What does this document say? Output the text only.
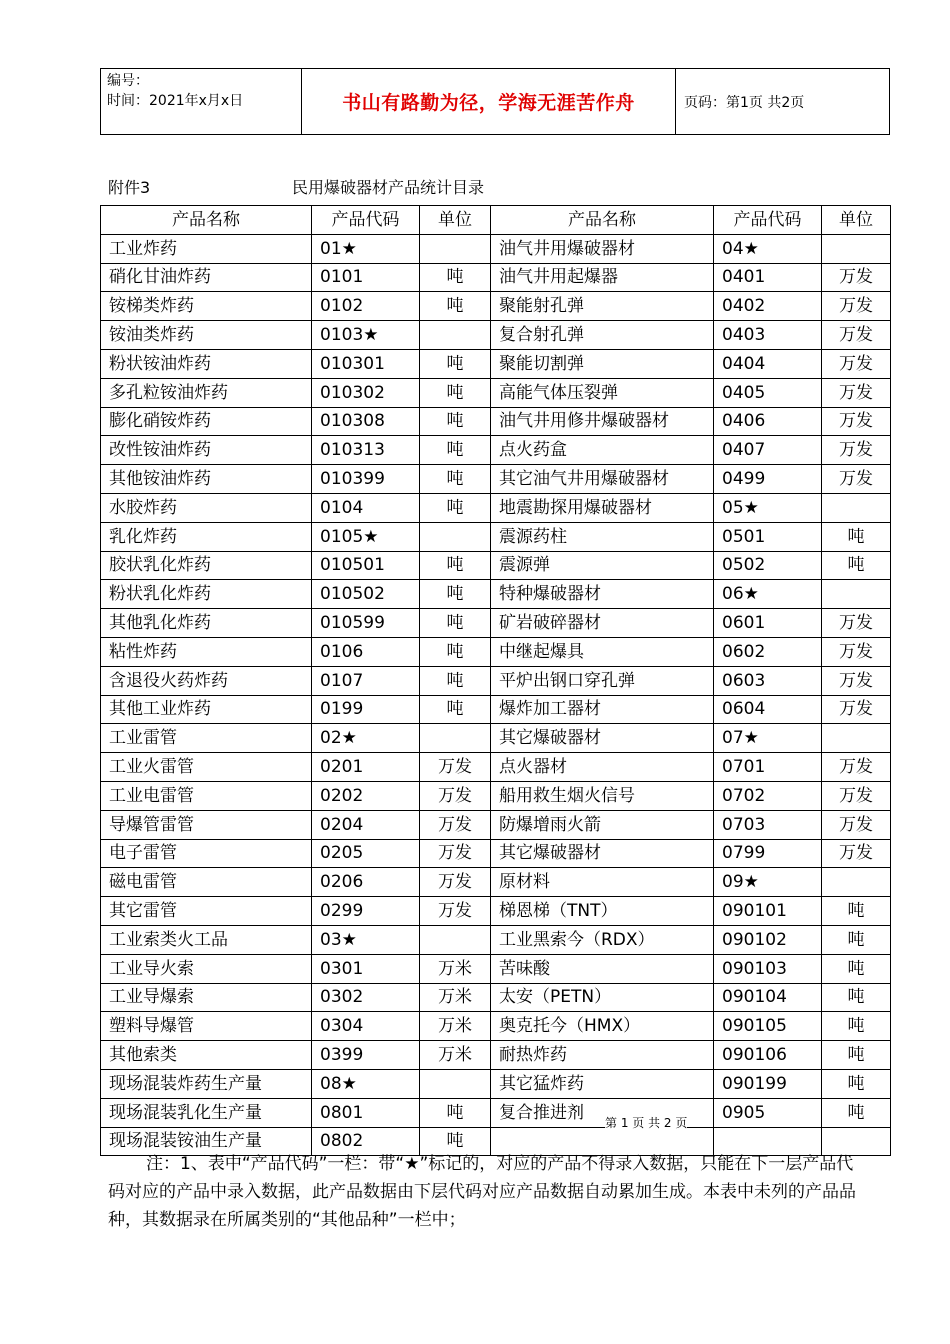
编号：
时间：2021年x月x日	书山有路勤为径，学海无涯苦作舟	页码：第1页 共2页
附件3	民用爆破器材产品统计目录
产品名称	产品代码	单位	产品名称	产品代码	单位
工业炸药	01★		油气井用爆破器材	04★	
硝化甘油炸药	0101	吨	油气井用起爆器	0401	万发
铵梯类炸药	0102	吨	聚能射孔弹	0402	万发
铵油类炸药	0103★		复合射孔弹	0403	万发
粉状铵油炸药	010301	吨	聚能切割弹	0404	万发
多孔粒铵油炸药	010302	吨	高能气体压裂弹	0405	万发
膨化硝铵炸药	010308	吨	油气井用修井爆破器材	0406	万发
改性铵油炸药	010313	吨	点火药盒	0407	万发
其他铵油炸药	010399	吨	其它油气井用爆破器材	0499	万发
水胶炸药	0104	吨	地震勘探用爆破器材	05★	
乳化炸药	0105★		震源药柱	0501	吨
胶状乳化炸药	010501	吨	震源弹	0502	吨
粉状乳化炸药	010502	吨	特种爆破器材	06★	
其他乳化炸药	010599	吨	矿岩破碎器材	0601	万发
粘性炸药	0106	吨	中继起爆具	0602	万发
含退役火药炸药	0107	吨	平炉出钢口穿孔弹	0603	万发
其他工业炸药	0199	吨	爆炸加工器材	0604	万发
工业雷管	02★		其它爆破器材	07★	
工业火雷管	0201	万发	点火器材	0701	万发
工业电雷管	0202	万发	船用救生烟火信号	0702	万发
导爆管雷管	0204	万发	防爆增雨火箭	0703	万发
电子雷管	0205	万发	其它爆破器材	0799	万发
磁电雷管	0206	万发	原材料	09★	
其它雷管	0299	万发	梯恩梯（TNT）	090101	吨
工业索类火工品	03★		工业黑索今（RDX）	090102	吨
工业导火索	0301	万米	苦味酸	090103	吨
工业导爆索	0302	万米	太安（PETN）	090104	吨
塑料导爆管	0304	万米	奥克托今（HMX）	090105	吨
其他索类	0399	万米	耐热炸药	090106	吨
现场混装炸药生产量	08★		其它猛炸药	090199	吨
现场混装乳化生产量	0801	吨	复合推进剂	0905	吨
现场混装铵油生产量	0802	吨			
第 1 页 共 2 页
注：1、表中“产品代码”一栏：带“★”标记的，对应的产品不得录入数据，只能在下一层产品代码对应的产品中录入数据，此产品数据由下层代码对应产品数据自动累加生成。本表中未列的产品品种，其数据录在所属类别的“其他品种”一栏中；
